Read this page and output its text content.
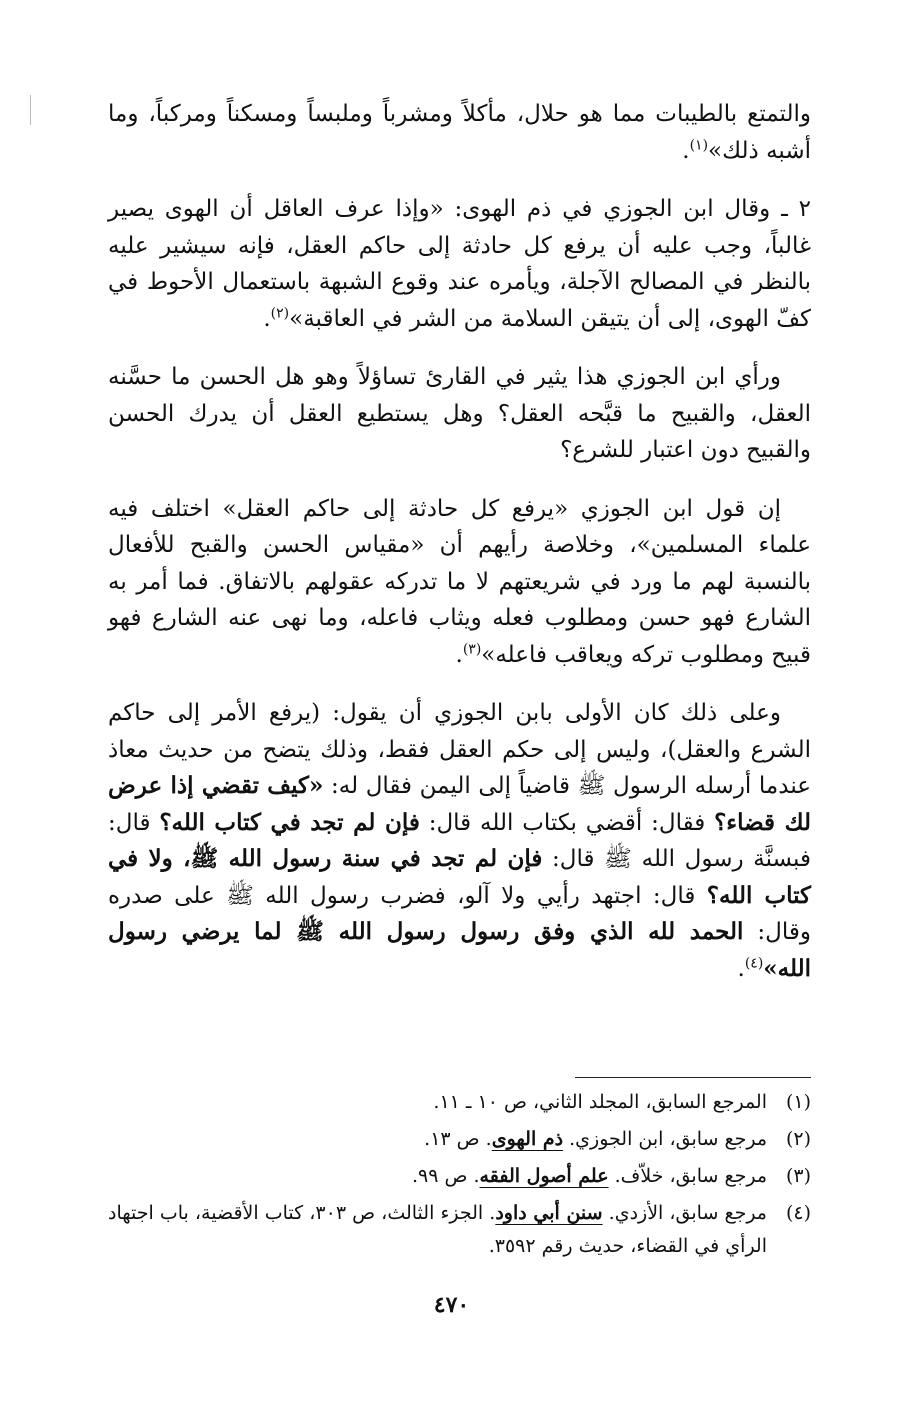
والتمتع بالطيبات مما هو حلال، مأكلاً ومشرباً وملبساً ومسكناً ومركباً، وما أشبه ذلك»$^{(١)}$.

٢ ـ وقال ابن الجوزي في ذم الهوى: «وإذا عرف العاقل أن الهوى يصير غالباً، وجب عليه أن يرفع كل حادثة إلى حاكم العقل، فإنه سيشير عليه بالنظر في المصالح الآجلة، ويأمره عند وقوع الشبهة باستعمال الأحوط في كفّ الهوى، إلى أن يتيقن السلامة من الشر في العاقبة»$^{(٢)}$.

ورأي ابن الجوزي هذا يثير في القارئ تساؤلاً وهو هل الحسن ما حسَّنه العقل، والقبيح ما قبَّحه العقل؟ وهل يستطيع العقل أن يدرك الحسن والقبيح دون اعتبار للشرع؟

إن قول ابن الجوزي «يرفع كل حادثة إلى حاكم العقل» اختلف فيه علماء المسلمين»، وخلاصة رأيهم أن «مقياس الحسن والقبح للأفعال بالنسبة لهم ما ورد في شريعتهم لا ما تدركه عقولهم بالاتفاق. فما أمر به الشارع فهو حسن ومطلوب فعله ويثاب فاعله، وما نهى عنه الشارع فهو قبيح ومطلوب تركه ويعاقب فاعله»$^{(٣)}$.

وعلى ذلك كان الأولى بابن الجوزي أن يقول: (يرفع الأمر إلى حاكم الشرع والعقل)، وليس إلى حكم العقل فقط، وذلك يتضح من حديث معاذ عندما أرسله الرسول ﷺ قاضياً إلى اليمن فقال له: «كيف تقضي إذا عرض لك قضاء؟ فقال: أقضي بكتاب الله قال: فإن لم تجد في كتاب الله؟ قال: فبسنَّة رسول الله ﷺ قال: فإن لم تجد في سنة رسول الله ﷺ، ولا في كتاب الله؟ قال: اجتهد رأيي ولا آلو، فضرب رسول الله ﷺ على صدره وقال: الحمد لله الذي وفق رسول رسول الله ﷺ لما يرضي رسول الله»$^{(٤)}$.

(١)
المرجع السابق، المجلد الثاني، ص ١٠ ـ ١١.
(٢)
مرجع سابق، ابن الجوزي. ذم الهوى. ص ١٣.
(٣)
مرجع سابق، خلاّف. علم أصول الفقه. ص ٩٩.
(٤)
مرجع سابق، الأزدي. سنن أبي داود. الجزء الثالث، ص ٣٠٣، كتاب الأقضية، باب اجتهاد الرأي في القضاء، حديث رقم ٣٥٩٢.
٤٧٠
